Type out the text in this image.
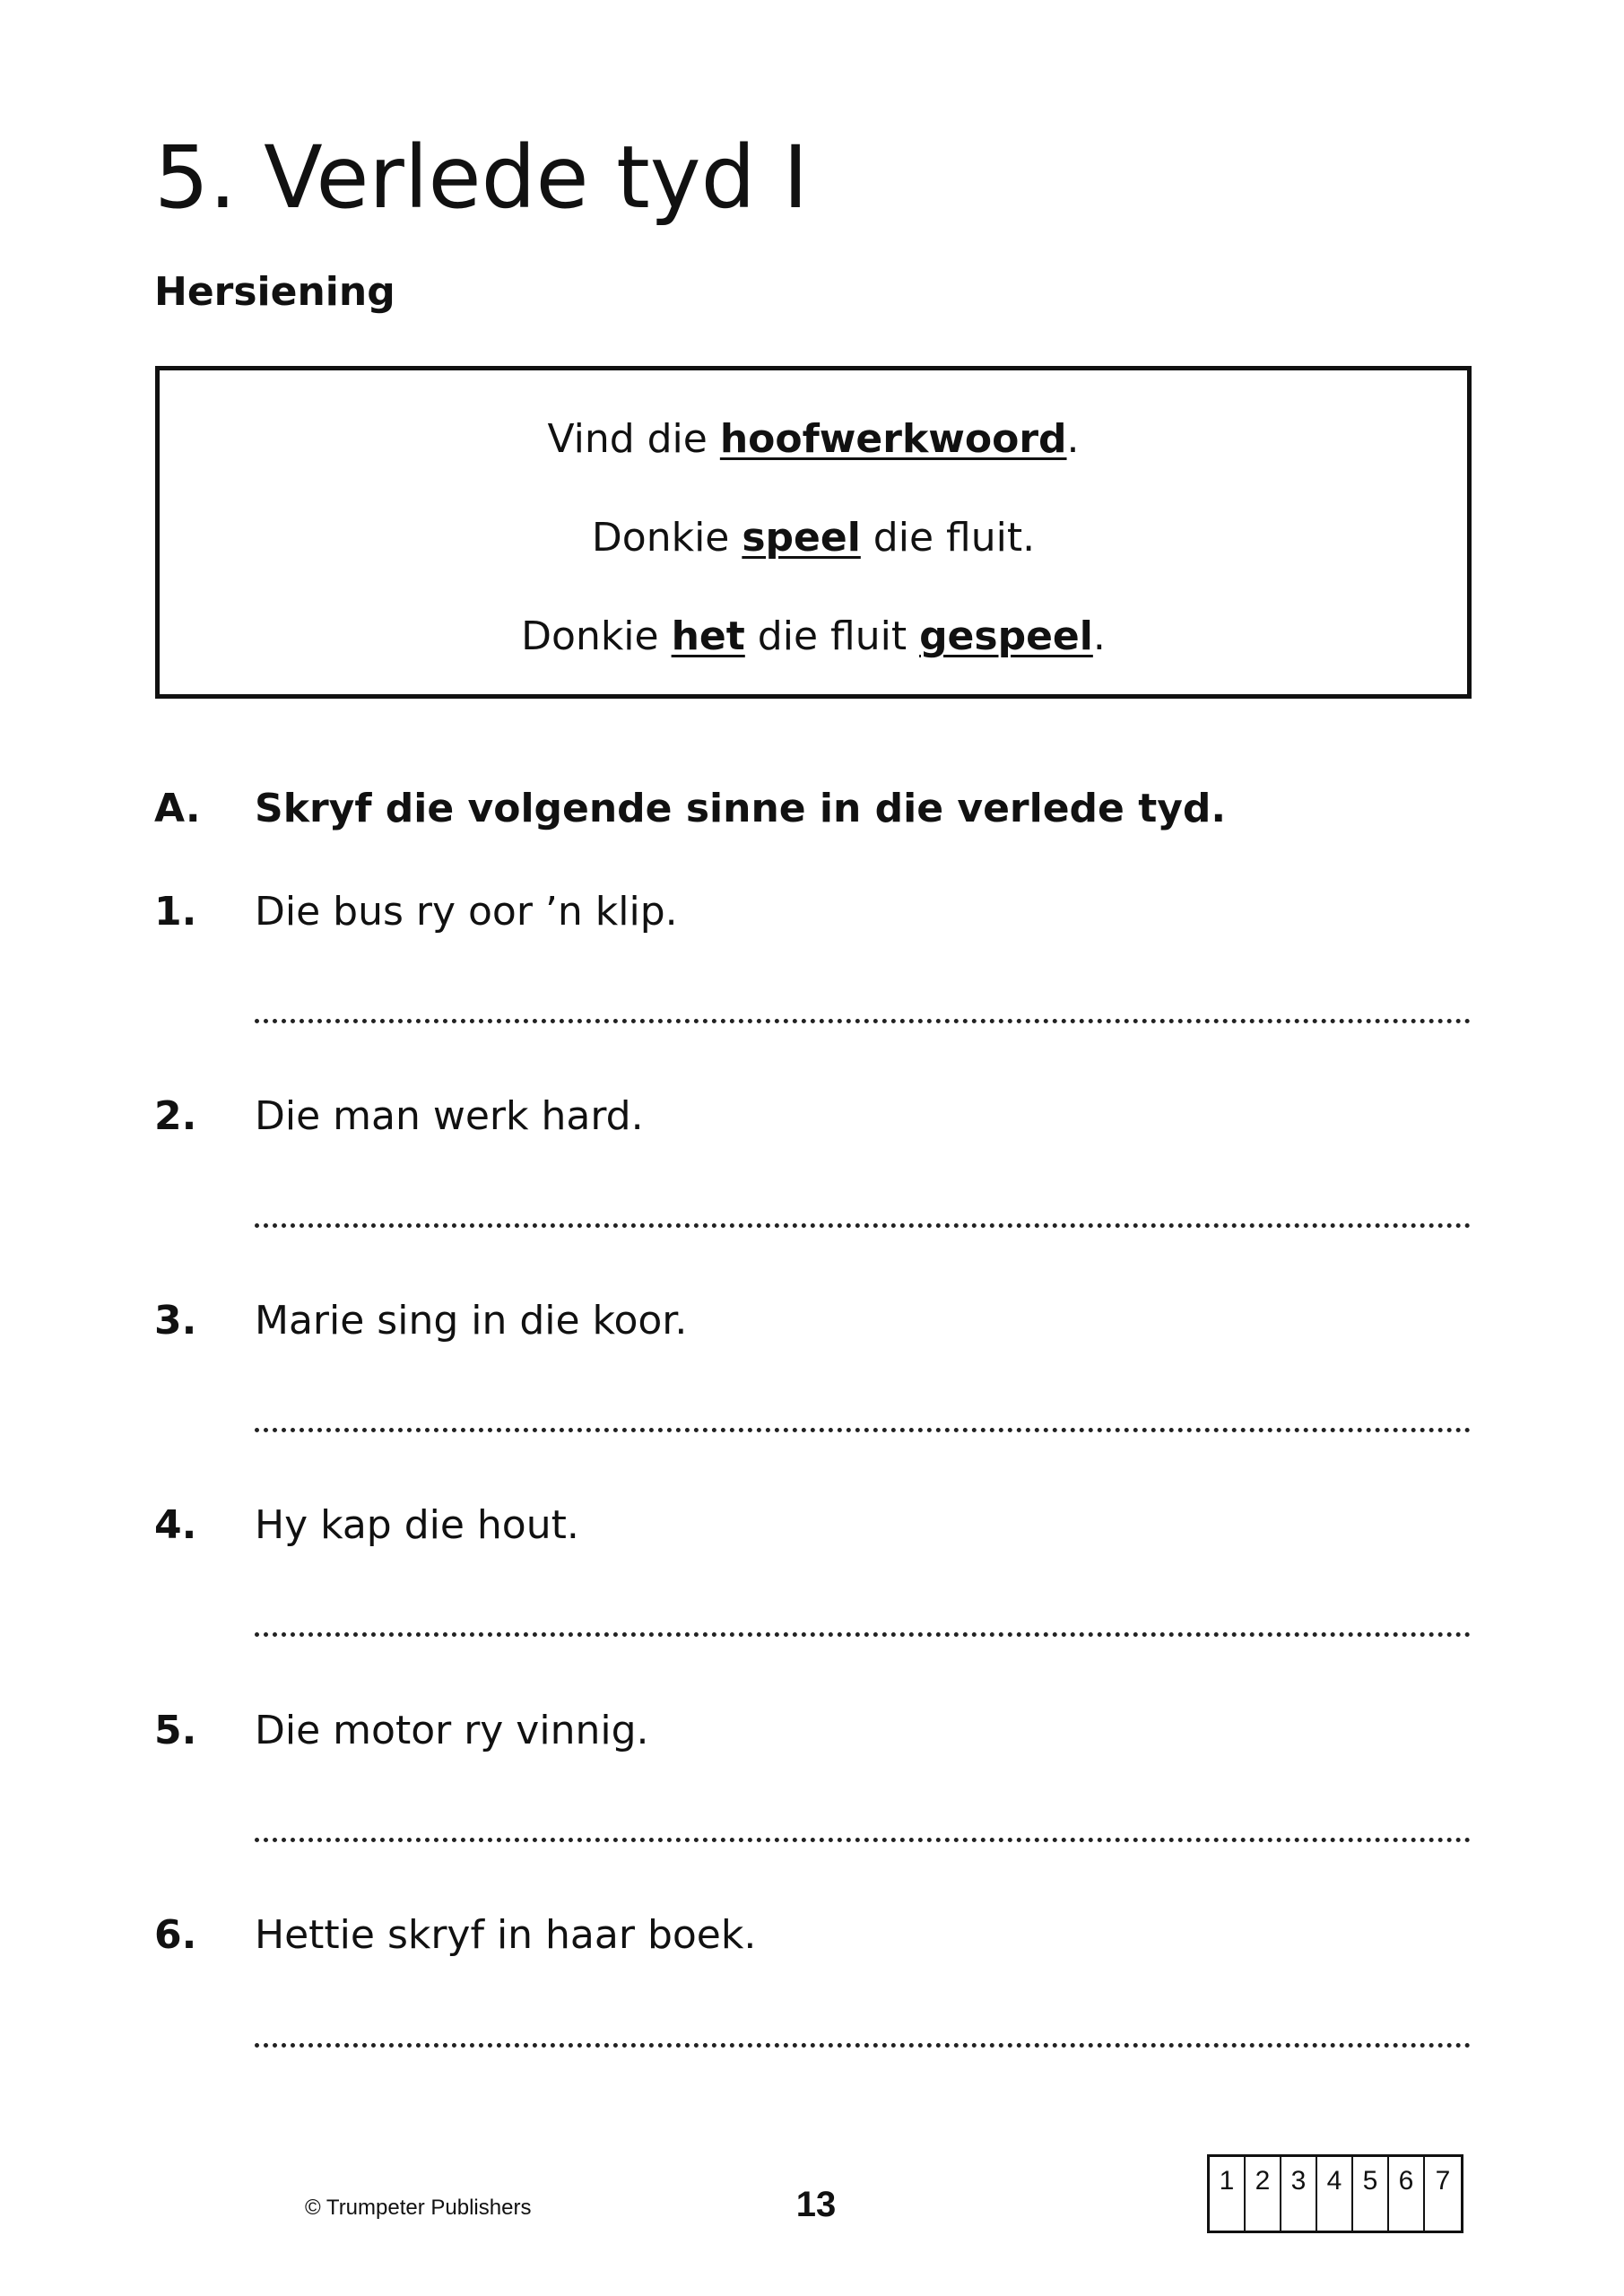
5. Verlede tyd I
Hersiening
Vind die hoofwerkwoord.
Donkie speel die fluit.
Donkie het die fluit gespeel.
A. Skryf die volgende sinne in die verlede tyd.
1. Die bus ry oor ’n klip.
2. Die man werk hard.
3. Marie sing in die koor.
4. Hy kap die hout.
5. Die motor ry vinnig.
6. Hettie skryf in haar boek.
© Trumpeter Publishers	13
1 2 3 4 5 6 7
